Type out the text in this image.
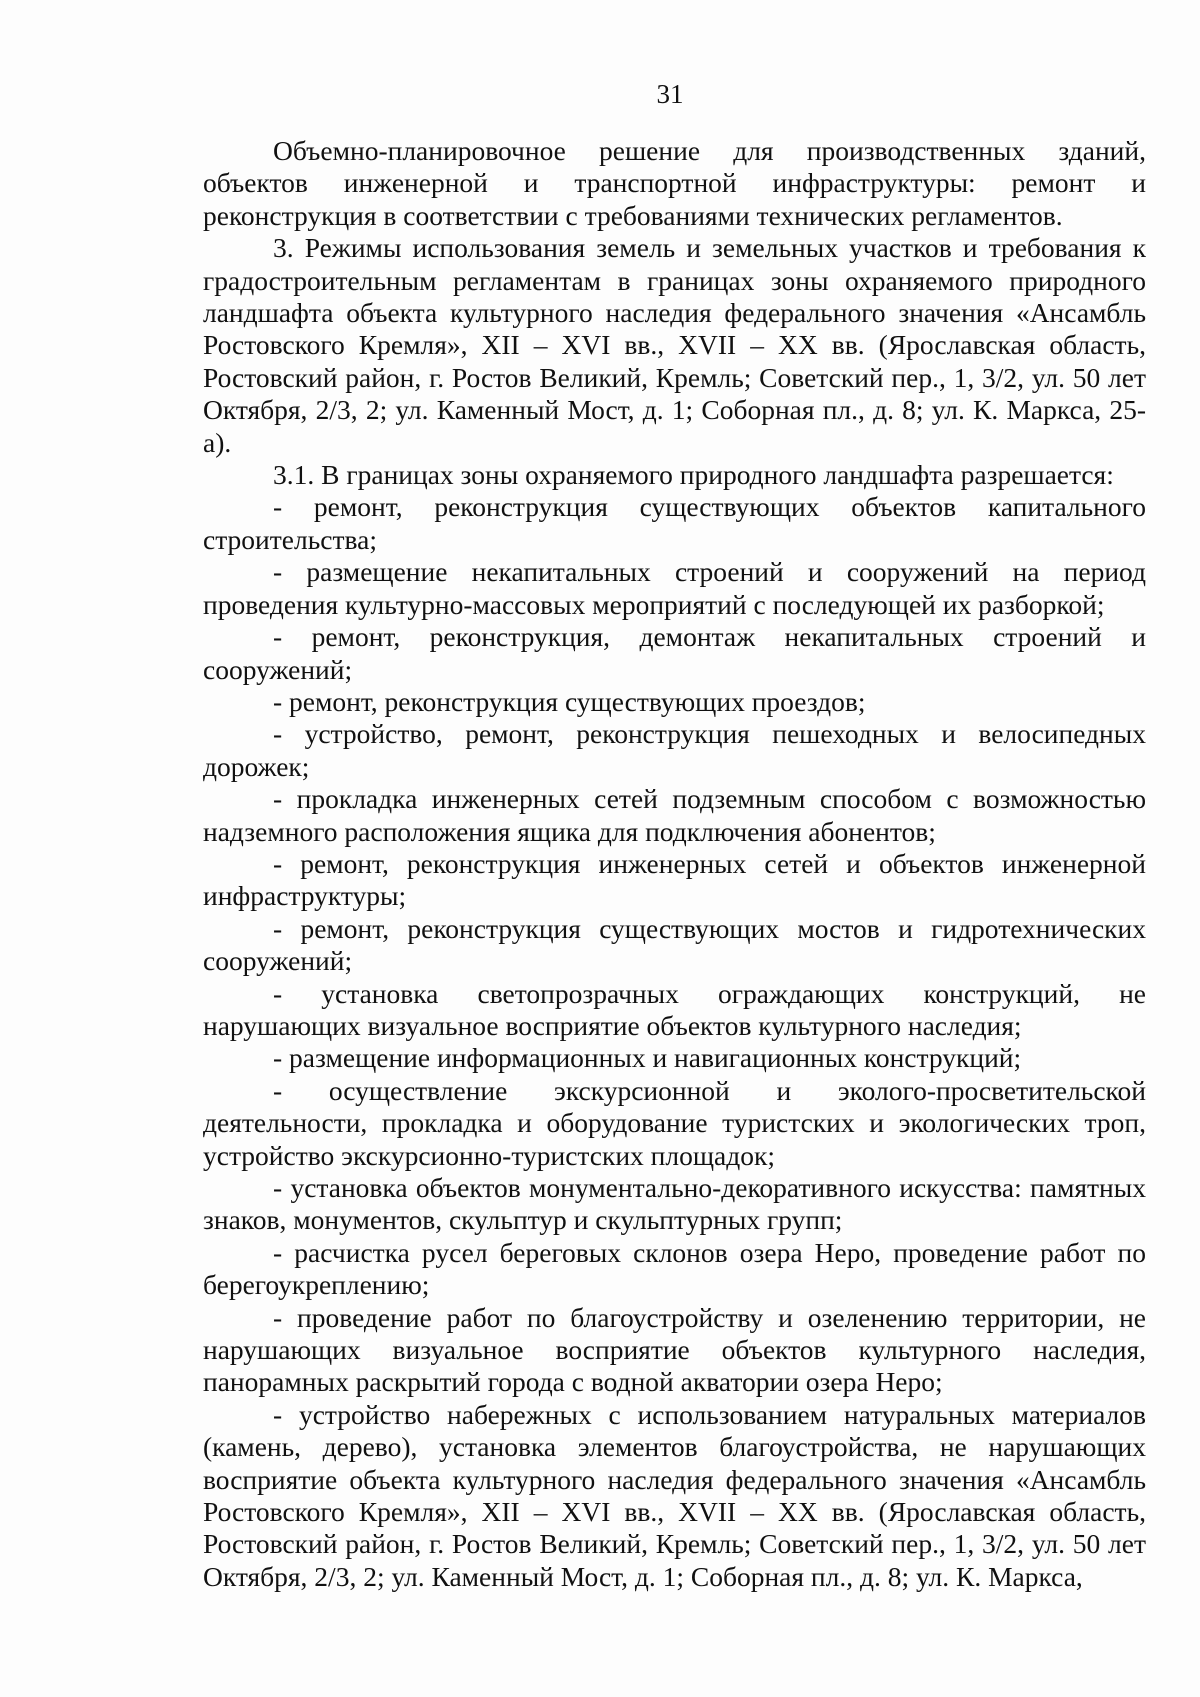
31

Объемно-планировочное решение для производственных зданий, объектов инженерной и транспортной инфраструктуры: ремонт и реконструкция в соответствии с требованиями технических регламентов.

3. Режимы использования земель и земельных участков и требования к градостроительным регламентам в границах зоны охраняемого природного ландшафта объекта культурного наследия федерального значения «Ансамбль Ростовского Кремля», XII – XVI вв., XVII – XX вв. (Ярославская область, Ростовский район, г. Ростов Великий, Кремль; Советский пер., 1, 3/2, ул. 50 лет Октября, 2/3, 2; ул. Каменный Мост, д. 1; Соборная пл., д. 8; ул. К. Маркса, 25-а).

3.1. В границах зоны охраняемого природного ландшафта разрешается:

- ремонт, реконструкция существующих объектов капитального строительства;

- размещение некапитальных строений и сооружений на период проведения культурно-массовых мероприятий с последующей их разборкой;

- ремонт, реконструкция, демонтаж некапитальных строений и сооружений;

- ремонт, реконструкция существующих проездов;

- устройство, ремонт, реконструкция пешеходных и велосипедных дорожек;

- прокладка инженерных сетей подземным способом с возможностью надземного расположения ящика для подключения абонентов;

- ремонт, реконструкция инженерных сетей и объектов инженерной инфраструктуры;

- ремонт, реконструкция существующих мостов и гидротехнических сооружений;

- установка светопрозрачных ограждающих конструкций, не нарушающих визуальное восприятие объектов культурного наследия;

- размещение информационных и навигационных конструкций;

- осуществление экскурсионной и эколого-просветительской деятельности, прокладка и оборудование туристских и экологических троп, устройство экскурсионно-туристских площадок;

- установка объектов монументально-декоративного искусства: памятных знаков, монументов, скульптур и скульптурных групп;

- расчистка русел береговых склонов озера Неро, проведение работ по берегоукреплению;

- проведение работ по благоустройству и озеленению территории, не нарушающих визуальное восприятие объектов культурного наследия, панорамных раскрытий города с водной акватории озера Неро;

- устройство набережных с использованием натуральных материалов (камень, дерево), установка элементов благоустройства, не нарушающих восприятие объекта культурного наследия федерального значения «Ансамбль Ростовского Кремля», XII – XVI вв., XVII – XX вв. (Ярославская область, Ростовский район, г. Ростов Великий, Кремль; Советский пер., 1, 3/2, ул. 50 лет Октября, 2/3, 2; ул. Каменный Мост, д. 1; Соборная пл., д. 8; ул. К. Маркса,
